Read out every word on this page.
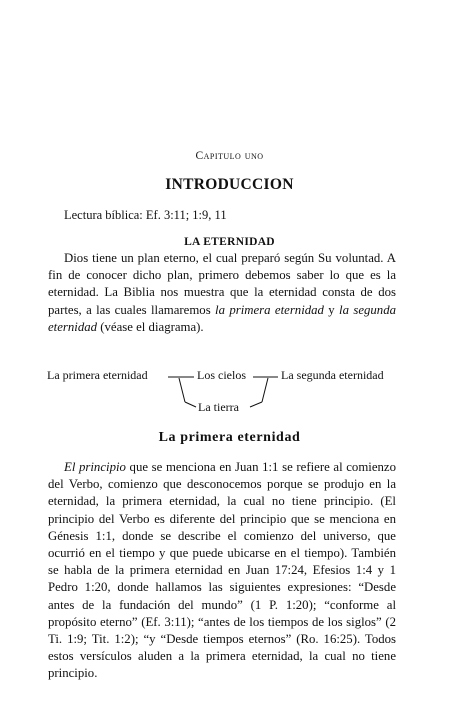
Capitulo uno
INTRODUCCION
Lectura bíblica: Ef. 3:11; 1:9, 11
LA ETERNIDAD

Dios tiene un plan eterno, el cual preparó según Su voluntad. A fin de conocer dicho plan, primero debemos saber lo que es la eternidad. La Biblia nos muestra que la eternidad consta de dos partes, a las cuales llamaremos la primera eternidad y la segunda eternidad (véase el diagrama).

La primera eternidad	Los cielos	La segunda eternidad
La tierra
La primera eternidad

El principio que se menciona en Juan 1:1 se refiere al comienzo del Verbo, comienzo que desconocemos porque se produjo en la eternidad, la primera eternidad, la cual no tiene principio. (El principio del Verbo es diferente del principio que se menciona en Génesis 1:1, donde se describe el comienzo del universo, que ocurrió en el tiempo y que puede ubicarse en el tiempo). También se habla de la primera eternidad en Juan 17:24, Efesios 1:4 y 1 Pedro 1:20, donde hallamos las siguientes expresiones: “Desde antes de la fundación del mundo” (1 P. 1:20); “conforme al propósito eterno” (Ef. 3:11); “antes de los tiempos de los siglos” (2 Ti. 1:9; Tit. 1:2); “y “Desde tiempos eternos” (Ro. 16:25). Todos estos versículos aluden a la primera eternidad, la cual no tiene principio.
